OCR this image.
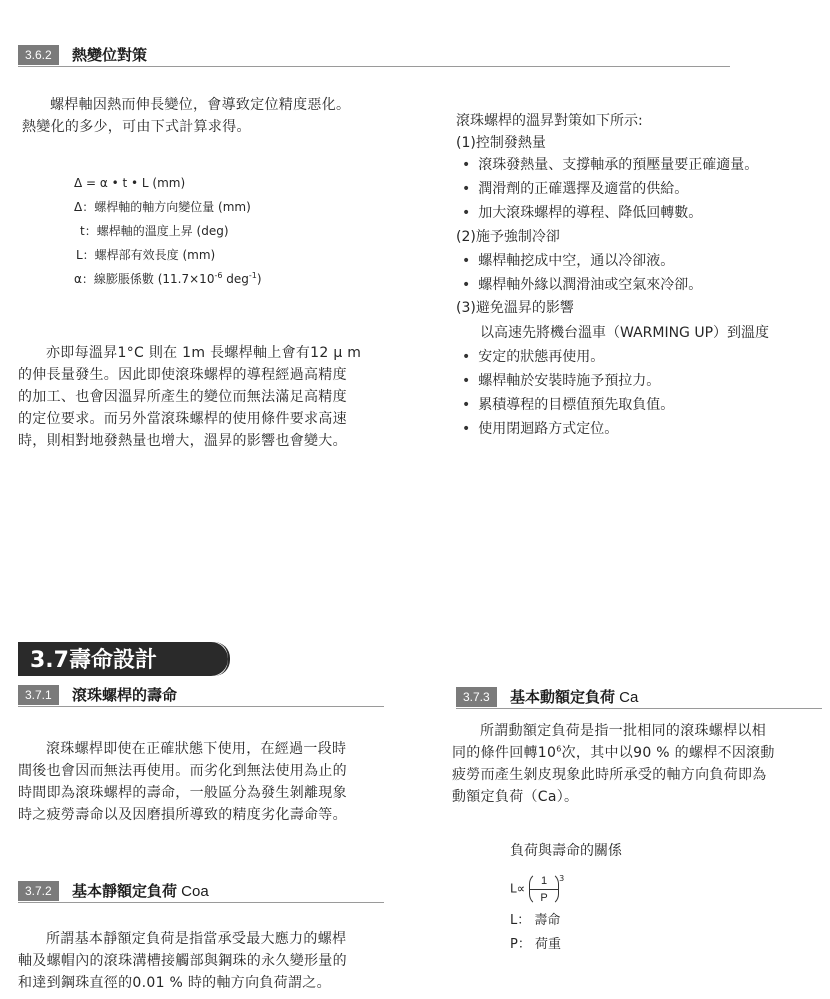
3.6.2	熱變位對策

螺桿軸因熱而伸長變位，會導致定位精度惡化。

熱變化的多少，可由下式計算求得。

Δ = α • t • L (mm)
Δ：螺桿軸的軸方向變位量 (mm)
t：螺桿軸的溫度上昇 (deg)
L：螺桿部有效長度 (mm)
α：線膨脹係數 ($11.7\times 10^{-6}$ deg$^{-1}$)

亦即每溫昇1°C 則在 1m 長螺桿軸上會有12 μ m

的伸長量發生。因此即使滾珠螺桿的導程經過高精度

的加工、也會因溫昇所產生的變位而無法滿足高精度

的定位要求。而另外當滾珠螺桿的使用條件要求高速

時，則相對地發熱量也增大，溫昇的影響也會變大。

滾珠螺桿的溫昇對策如下所示:
(1)控制發熱量
• 滾珠發熱量、支撐軸承的預壓量要正確適量。
• 潤滑劑的正確選擇及適當的供給。
• 加大滾珠螺桿的導程、降低回轉數。
(2)施予強制冷卻
• 螺桿軸挖成中空，通以冷卻液。
• 螺桿軸外緣以潤滑油或空氣來冷卻。
(3)避免溫昇的影響
以高速先將機台溫車（WARMING UP）到溫度
• 安定的狀態再使用。
• 螺桿軸於安裝時施予預拉力。
• 累積導程的目標值預先取負值。
• 使用閉迴路方式定位。
3.7壽命設計
3.7.1	滾珠螺桿的壽命

滾珠螺桿即使在正確狀態下使用，在經過一段時

間後也會因而無法再使用。而劣化到無法使用為止的

時間即為滾珠螺桿的壽命，一般區分為發生剝離現象

時之疲勞壽命以及因磨損所導致的精度劣化壽命等。

3.7.2	基本靜額定負荷 Coa

所謂基本靜額定負荷是指當承受最大應力的螺桿

軸及螺帽內的滾珠溝槽接觸部與鋼珠的永久變形量的

和達到鋼珠直徑的0.01 % 時的軸方向負荷謂之。

3.7.3	基本動額定負荷 Ca

所謂動額定負荷是指一批相同的滾珠螺桿以相

同的條件回轉$10^6$次，其中以90 % 的螺桿不因滾動

疲勞而產生剝皮現象此時所承受的軸方向負荷即為

動額定負荷（Ca）。

負荷與壽命的關係
$L\propto \frac{1}{P} ^3$
L： 壽命
P： 荷重
